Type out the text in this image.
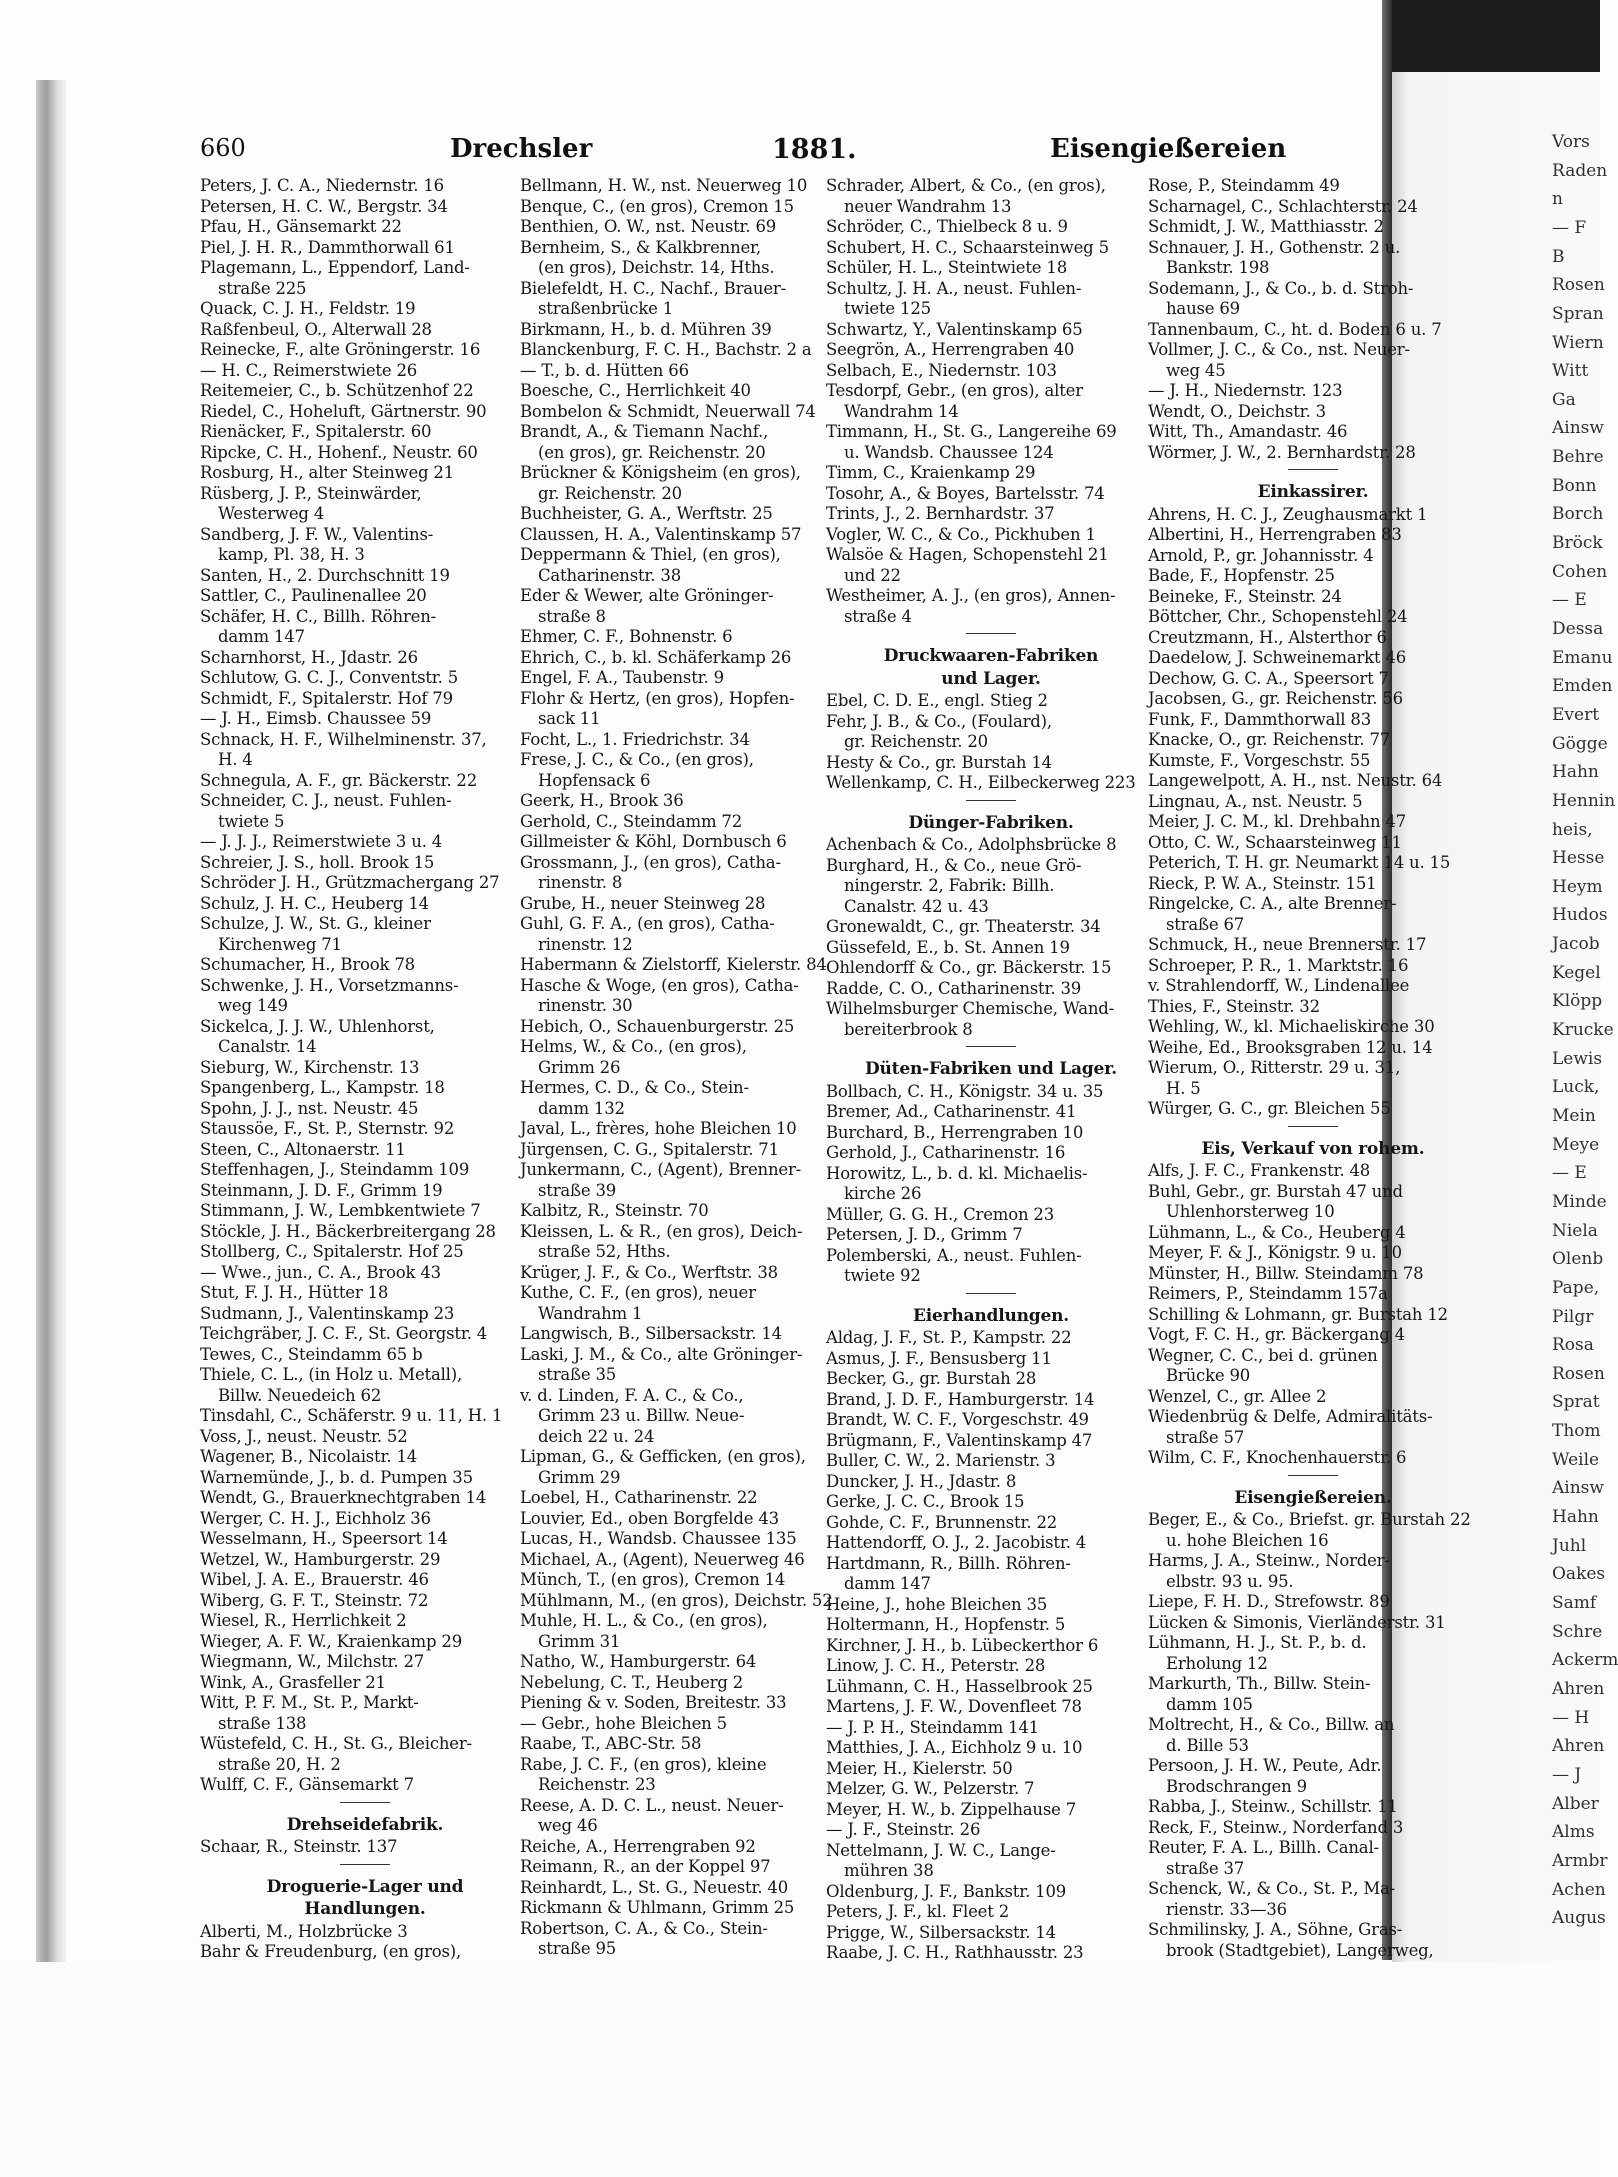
Vors
Raden
n
— F
B
Rosen
Spran
Wiern
Witt
Ga
Ainsw
Behre
Bonn
Borch
Bröck
Cohen
— E
Dessa
Emanu
Emden
Evert
Gögge
Hahn
Hennin
heis,
Hesse
Heym
Hudos
Jacob
Kegel
Klöpp
Krucke
Lewis
Luck,
Mein
Meye
— E
Minde
Niela
Olenb
Pape,
Pilgr
Rosa
Rosen
Sprat
Thom
Weile
Ainsw
Hahn
Juhl
Oakes
Samf
Schre
Ackerm
Ahren
— H
Ahren
— J
Alber
Alms
Armbr
Achen
Augus
660	Drechsler	1881.	Eisengießereien
Peters, J. C. A., Niedernstr. 16
Petersen, H. C. W., Bergstr. 34
Pfau, H., Gänsemarkt 22
Piel, J. H. R., Dammthorwall 61
Plagemann, L., Eppendorf, Land-
straße 225
Quack, C. J. H., Feldstr. 19
Raßfenbeul, O., Alterwall 28
Reinecke, F., alte Gröningerstr. 16
— H. C., Reimerstwiete 26
Reitemeier, C., b. Schützenhof 22
Riedel, C., Hoheluft, Gärtnerstr. 90
Rienäcker, F., Spitalerstr. 60
Ripcke, C. H., Hohenf., Neustr. 60
Rosburg, H., alter Steinweg 21
Rüsberg, J. P., Steinwärder,
Westerweg 4
Sandberg, J. F. W., Valentins-
kamp, Pl. 38, H. 3
Santen, H., 2. Durchschnitt 19
Sattler, C., Paulinenallee 20
Schäfer, H. C., Billh. Röhren-
damm 147
Scharnhorst, H., Jdastr. 26
Schlutow, G. C. J., Conventstr. 5
Schmidt, F., Spitalerstr. Hof 79
— J. H., Eimsb. Chaussee 59
Schnack, H. F., Wilhelminenstr. 37,
H. 4
Schnegula, A. F., gr. Bäckerstr. 22
Schneider, C. J., neust. Fuhlen-
twiete 5
— J. J. J., Reimerstwiete 3 u. 4
Schreier, J. S., holl. Brook 15
Schröder J. H., Grützmachergang 27
Schulz, J. H. C., Heuberg 14
Schulze, J. W., St. G., kleiner
Kirchenweg 71
Schumacher, H., Brook 78
Schwenke, J. H., Vorsetzmanns-
weg 149
Sickelca, J. J. W., Uhlenhorst,
Canalstr. 14
Sieburg, W., Kirchenstr. 13
Spangenberg, L., Kampstr. 18
Spohn, J. J., nst. Neustr. 45
Staussöe, F., St. P., Sternstr. 92
Steen, C., Altonaerstr. 11
Steffenhagen, J., Steindamm 109
Steinmann, J. D. F., Grimm 19
Stimmann, J. W., Lembkentwiete 7
Stöckle, J. H., Bäckerbreitergang 28
Stollberg, C., Spitalerstr. Hof 25
— Wwe., jun., C. A., Brook 43
Stut, F. J. H., Hütter 18
Sudmann, J., Valentinskamp 23
Teichgräber, J. C. F., St. Georgstr. 4
Tewes, C., Steindamm 65 b
Thiele, C. L., (in Holz u. Metall),
Billw. Neuedeich 62
Tinsdahl, C., Schäferstr. 9 u. 11, H. 1
Voss, J., neust. Neustr. 52
Wagener, B., Nicolaistr. 14
Warnemünde, J., b. d. Pumpen 35
Wendt, G., Brauerknechtgraben 14
Werger, C. H. J., Eichholz 36
Wesselmann, H., Speersort 14
Wetzel, W., Hamburgerstr. 29
Wibel, J. A. E., Brauerstr. 46
Wiberg, G. F. T., Steinstr. 72
Wiesel, R., Herrlichkeit 2
Wieger, A. F. W., Kraienkamp 29
Wiegmann, W., Milchstr. 27
Wink, A., Grasfeller 21
Witt, P. F. M., St. P., Markt-
straße 138
Wüstefeld, C. H., St. G., Bleicher-
straße 20, H. 2
Wulff, C. F., Gänsemarkt 7
Drehseidefabrik.
Schaar, R., Steinstr. 137
Droguerie-Lager und
Handlungen.
Alberti, M., Holzbrücke 3
Bahr & Freudenburg, (en gros),
Bellmann, H. W., nst. Neuerweg 10
Benque, C., (en gros), Cremon 15
Benthien, O. W., nst. Neustr. 69
Bernheim, S., & Kalkbrenner,
(en gros), Deichstr. 14, Hths.
Bielefeldt, H. C., Nachf., Brauer-
straßenbrücke 1
Birkmann, H., b. d. Mühren 39
Blanckenburg, F. C. H., Bachstr. 2 a
— T., b. d. Hütten 66
Boesche, C., Herrlichkeit 40
Bombelon & Schmidt, Neuerwall 74
Brandt, A., & Tiemann Nachf.,
(en gros), gr. Reichenstr. 20
Brückner & Königsheim (en gros),
gr. Reichenstr. 20
Buchheister, G. A., Werftstr. 25
Claussen, H. A., Valentinskamp 57
Deppermann & Thiel, (en gros),
Catharinenstr. 38
Eder & Wewer, alte Gröninger-
straße 8
Ehmer, C. F., Bohnenstr. 6
Ehrich, C., b. kl. Schäferkamp 26
Engel, F. A., Taubenstr. 9
Flohr & Hertz, (en gros), Hopfen-
sack 11
Focht, L., 1. Friedrichstr. 34
Frese, J. C., & Co., (en gros),
Hopfensack 6
Geerk, H., Brook 36
Gerhold, C., Steindamm 72
Gillmeister & Köhl, Dornbusch 6
Grossmann, J., (en gros), Catha-
rinenstr. 8
Grube, H., neuer Steinweg 28
Guhl, G. F. A., (en gros), Catha-
rinenstr. 12
Habermann & Zielstorff, Kielerstr. 84
Hasche & Woge, (en gros), Catha-
rinenstr. 30
Hebich, O., Schauenburgerstr. 25
Helms, W., & Co., (en gros),
Grimm 26
Hermes, C. D., & Co., Stein-
damm 132
Javal, L., frères, hohe Bleichen 10
Jürgensen, C. G., Spitalerstr. 71
Junkermann, C., (Agent), Brenner-
straße 39
Kalbitz, R., Steinstr. 70
Kleissen, L. & R., (en gros), Deich-
straße 52, Hths.
Krüger, J. F., & Co., Werftstr. 38
Kuthe, C. F., (en gros), neuer
Wandrahm 1
Langwisch, B., Silbersackstr. 14
Laski, J. M., & Co., alte Gröninger-
straße 35
v. d. Linden, F. A. C., & Co.,
Grimm 23 u. Billw. Neue-
deich 22 u. 24
Lipman, G., & Gefficken, (en gros),
Grimm 29
Loebel, H., Catharinenstr. 22
Louvier, Ed., oben Borgfelde 43
Lucas, H., Wandsb. Chaussee 135
Michael, A., (Agent), Neuerweg 46
Münch, T., (en gros), Cremon 14
Mühlmann, M., (en gros), Deichstr. 52
Muhle, H. L., & Co., (en gros),
Grimm 31
Natho, W., Hamburgerstr. 64
Nebelung, C. T., Heuberg 2
Piening & v. Soden, Breitestr. 33
— Gebr., hohe Bleichen 5
Raabe, T., ABC-Str. 58
Rabe, J. C. F., (en gros), kleine
Reichenstr. 23
Reese, A. D. C. L., neust. Neuer-
weg 46
Reiche, A., Herrengraben 92
Reimann, R., an der Koppel 97
Reinhardt, L., St. G., Neuestr. 40
Rickmann & Uhlmann, Grimm 25
Robertson, C. A., & Co., Stein-
straße 95
Schrader, Albert, & Co., (en gros),
neuer Wandrahm 13
Schröder, C., Thielbeck 8 u. 9
Schubert, H. C., Schaarsteinweg 5
Schüler, H. L., Steintwiete 18
Schultz, J. H. A., neust. Fuhlen-
twiete 125
Schwartz, Y., Valentinskamp 65
Seegrön, A., Herrengraben 40
Selbach, E., Niedernstr. 103
Tesdorpf, Gebr., (en gros), alter
Wandrahm 14
Timmann, H., St. G., Langereihe 69
u. Wandsb. Chaussee 124
Timm, C., Kraienkamp 29
Tosohr, A., & Boyes, Bartelsstr. 74
Trints, J., 2. Bernhardstr. 37
Vogler, W. C., & Co., Pickhuben 1
Walsöe & Hagen, Schopenstehl 21
und 22
Westheimer, A. J., (en gros), Annen-
straße 4
Druckwaaren-Fabriken
und Lager.
Ebel, C. D. E., engl. Stieg 2
Fehr, J. B., & Co., (Foulard),
gr. Reichenstr. 20
Hesty & Co., gr. Burstah 14
Wellenkamp, C. H., Eilbeckerweg 223
Dünger-Fabriken.
Achenbach & Co., Adolphsbrücke 8
Burghard, H., & Co., neue Grö-
ningerstr. 2, Fabrik: Billh.
Canalstr. 42 u. 43
Gronewaldt, C., gr. Theaterstr. 34
Güssefeld, E., b. St. Annen 19
Ohlendorff & Co., gr. Bäckerstr. 15
Radde, C. O., Catharinenstr. 39
Wilhelmsburger Chemische, Wand-
bereiterbrook 8
Düten-Fabriken und Lager.
Bollbach, C. H., Königstr. 34 u. 35
Bremer, Ad., Catharinenstr. 41
Burchard, B., Herrengraben 10
Gerhold, J., Catharinenstr. 16
Horowitz, L., b. d. kl. Michaelis-
kirche 26
Müller, G. G. H., Cremon 23
Petersen, J. D., Grimm 7
Polemberski, A., neust. Fuhlen-
twiete 92
Eierhandlungen.
Aldag, J. F., St. P., Kampstr. 22
Asmus, J. F., Bensusberg 11
Becker, G., gr. Burstah 28
Brand, J. D. F., Hamburgerstr. 14
Brandt, W. C. F., Vorgeschstr. 49
Brügmann, F., Valentinskamp 47
Buller, C. W., 2. Marienstr. 3
Duncker, J. H., Jdastr. 8
Gerke, J. C. C., Brook 15
Gohde, C. F., Brunnenstr. 22
Hattendorff, O. J., 2. Jacobistr. 4
Hartdmann, R., Billh. Röhren-
damm 147
Heine, J., hohe Bleichen 35
Holtermann, H., Hopfenstr. 5
Kirchner, J. H., b. Lübeckerthor 6
Linow, J. C. H., Peterstr. 28
Lühmann, C. H., Hasselbrook 25
Martens, J. F. W., Dovenfleet 78
— J. P. H., Steindamm 141
Matthies, J. A., Eichholz 9 u. 10
Meier, H., Kielerstr. 50
Melzer, G. W., Pelzerstr. 7
Meyer, H. W., b. Zippelhause 7
— J. F., Steinstr. 26
Nettelmann, J. W. C., Lange-
mühren 38
Oldenburg, J. F., Bankstr. 109
Peters, J. F., kl. Fleet 2
Prigge, W., Silbersackstr. 14
Raabe, J. C. H., Rathhausstr. 23
Rose, P., Steindamm 49
Scharnagel, C., Schlachterstr. 24
Schmidt, J. W., Matthiasstr. 2
Schnauer, J. H., Gothenstr. 2 u.
Bankstr. 198
Sodemann, J., & Co., b. d. Stroh-
hause 69
Tannenbaum, C., ht. d. Boden 6 u. 7
Vollmer, J. C., & Co., nst. Neuer-
weg 45
— J. H., Niedernstr. 123
Wendt, O., Deichstr. 3
Witt, Th., Amandastr. 46
Wörmer, J. W., 2. Bernhardstr. 28
Einkassirer.
Ahrens, H. C. J., Zeughausmarkt 1
Albertini, H., Herrengraben 83
Arnold, P., gr. Johannisstr. 4
Bade, F., Hopfenstr. 25
Beineke, F., Steinstr. 24
Böttcher, Chr., Schopenstehl 24
Creutzmann, H., Alsterthor 6
Daedelow, J. Schweinemarkt 46
Dechow, G. C. A., Speersort 7
Jacobsen, G., gr. Reichenstr. 56
Funk, F., Dammthorwall 83
Knacke, O., gr. Reichenstr. 77
Kumste, F., Vorgeschstr. 55
Langewelpott, A. H., nst. Neustr. 64
Lingnau, A., nst. Neustr. 5
Meier, J. C. M., kl. Drehbahn 47
Otto, C. W., Schaarsteinweg 11
Peterich, T. H. gr. Neumarkt 14 u. 15
Rieck, P. W. A., Steinstr. 151
Ringelcke, C. A., alte Brenner-
straße 67
Schmuck, H., neue Brennerstr. 17
Schroeper, P. R., 1. Marktstr. 16
v. Strahlendorff, W., Lindenallee
Thies, F., Steinstr. 32
Wehling, W., kl. Michaeliskirche 30
Weihe, Ed., Brooksgraben 12 u. 14
Wierum, O., Ritterstr. 29 u. 31,
H. 5
Würger, G. C., gr. Bleichen 55
Eis, Verkauf von rohem.
Alfs, J. F. C., Frankenstr. 48
Buhl, Gebr., gr. Burstah 47 und
Uhlenhorsterweg 10
Lühmann, L., & Co., Heuberg 4
Meyer, F. & J., Königstr. 9 u. 10
Münster, H., Billw. Steindamm 78
Reimers, P., Steindamm 157a
Schilling & Lohmann, gr. Burstah 12
Vogt, F. C. H., gr. Bäckergang 4
Wegner, C. C., bei d. grünen
Brücke 90
Wenzel, C., gr. Allee 2
Wiedenbrüg & Delfe, Admiralitäts-
straße 57
Wilm, C. F., Knochenhauerstr. 6
Eisengießereien.
Beger, E., & Co., Briefst. gr. Burstah 22
u. hohe Bleichen 16
Harms, J. A., Steinw., Norder-
elbstr. 93 u. 95.
Liepe, F. H. D., Strefowstr. 89
Lücken & Simonis, Vierländerstr. 31
Lühmann, H. J., St. P., b. d.
Erholung 12
Markurth, Th., Billw. Stein-
damm 105
Moltrecht, H., & Co., Billw. an
d. Bille 53
Persoon, J. H. W., Peute, Adr.
Brodschrangen 9
Rabba, J., Steinw., Schillstr. 11
Reck, F., Steinw., Norderfand 3
Reuter, F. A. L., Billh. Canal-
straße 37
Schenck, W., & Co., St. P., Ma-
rienstr. 33—36
Schmilinsky, J. A., Söhne, Gras-
brook (Stadtgebiet), Langerweg,
